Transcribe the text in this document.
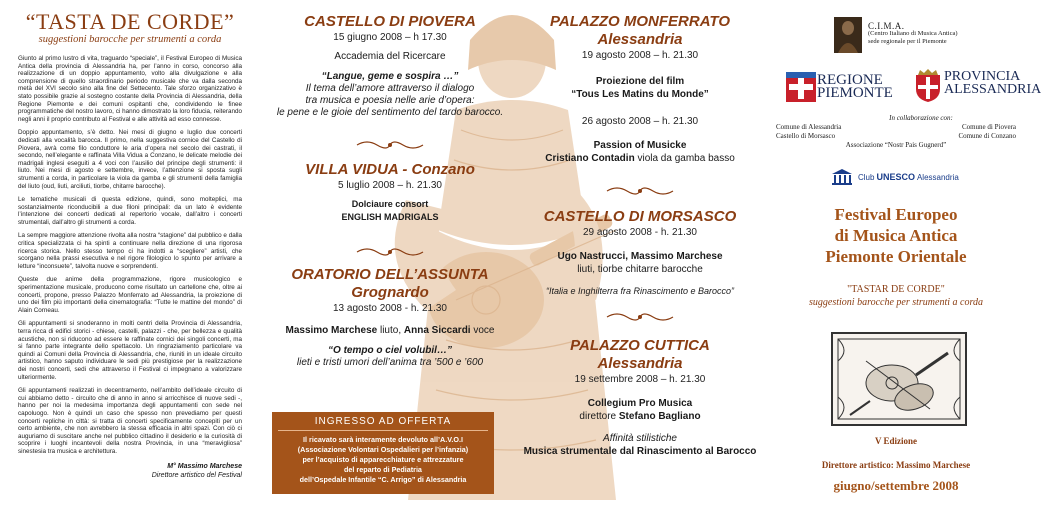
“TASTA DE CORDE”
suggestioni barocche per strumenti a corda

Giunto al primo lustro di vita, traguardo “speciale”, il Festival Europeo di Musica Antica della provincia di Alessandria ha, per l’anno in corso, concorso alla realizzazione di un doppio appuntamento, volto alla divulgazione e alla comprensione di quello straordinario periodo musicale che va dalla seconda metà del XVI secolo sino alla fine del Settecento. Tale sforzo organizzativo è stato possibile grazie al sostegno costante della Provincia di Alessandria, della Regione Piemonte e dei comuni ospitanti che, condividendo le finee programmatiche del nostro lavoro, ci hanno dimostrato la loro fiducia, reiterando negli anni il proprio contributo al Festival e alle attività ad esso connesse.

Doppio appuntamento, s’è detto. Nei mesi di giugno e luglio due concerti dedicati alla vocalità barocca. Il primo, nella suggestiva cornice del Castello di Piovera, avrà come filo conduttore le aria d’opera nel secolo dei castrati, il secondo, nell’elegante e raffinata Villa Vidua a Conzano, le delicate melodie dei madrigali inglesi eseguiti a 4 voci con l’ausilio del principe degli strumenti: il liuto. Nei mesi di agosto e settembre, invece, l’attenzione si sposta sugli strumenti a corda, in particolare la viola da gamba e gli strumenti della famiglia del liuto (oud, liuti, arciliuti, tiorbe, chitarre barocche).

Le tematiche musicali di questa edizione, quindi, sono molteplici, ma sostanzialmente riconducibili a due filoni principali: da un lato è evidente l’intenzione dei concerti dedicati al repertorio vocale, dall’altro i concerti strumentali, dall’altro gli strumenti a corda.

La sempre maggiore attenzione rivolta alla nostra “stagione” dal pubblico e dalla critica specializzata ci ha spinti a continuare nella direzione di una rigorosa ricerca storica. Nello stesso tempo ci ha indotti a “scegliere” artisti, che scorgano nella prassi esecutiva e nel rigore filologico lo spunto per arrivare a letture “inconsuete”, talvolta nuove e sorprendenti.

Queste due anime della programmazione, rigore musicologico e sperimentazione musicale, producono come risultato un cartellone che, oltre ai concerti, propone, presso Palazzo Monferrato ad Alessandria, la proiezione di uno dei film più importanti della cinematografia: “Tutte le mattine del mondo” di Alain Corneau.

Gli appuntamenti si snoderanno in molti centri della Provincia di Alessandria, terra ricca di edifici storici - chiese, castelli, palazzi - che, per bellezza e qualità acustiche, non si riducono ad essere le raffinate cornici dei singoli concerti, ma si fanno parte integrante dello spettacolo. Un ringraziamento particolare va quindi ai Comuni della Provincia di Alessandria, che, riuniti in un ideale circuito artistico, hanno saputo individuare le sedi più prestigiose per la realizzazione dei nostri concerti, sedi che attraverso il Festival ci impegnano a valorizzare ulteriormente.

Gli appuntamenti realizzati in decentramento, nell’ambito dell’ideale circuito di cui abbiamo detto - circuito che di anno in anno si arricchisce di nuove sedi -, hanno per noi la medesima importanza degli appuntamenti con sede nel capoluogo. Non è quindi un caso che spesso non prevediamo per questi concerti repliche in città: si tratta di concerti specificamente concepiti per un certo ambiente, che non avrebbero la stessa efficacia in altri spazi. Con ciò ci auguriamo di suscitare anche nel pubblico cittadino il desiderio e la curiosità di scoprire i luoghi incantevoli della nostra Provincia, in una “meravigliosa” sinestesia tra musica e architettura.

M° Massimo Marchese
Direttore artistico del Festival
CASTELLO DI PIOVERA
15 giugno 2008 – h 17.30
Accademia del Ricercare
“Langue, geme e sospira …”
Il tema dell’amore attraverso il dialogo
tra musica e poesia nelle arie d’opera:
le pene e le gioie del sentimento del tardo barocco.
VILLA VIDUA - Conzano
5 luglio 2008 – h. 21.30
Dolciaure consort
ENGLISH MADRIGALS
ORATORIO DELL’ASSUNTA
Grognardo
13 agosto 2008 - h. 21.30
Massimo Marchese liuto, Anna Siccardi voce
“O tempo o ciel volubil…”
lieti e tristi umori dell’anima tra ’500 e ’600
INGRESSO AD OFFERTA
Il ricavato sarà interamente devoluto all’A.V.O.I
(Associazione Volontari Ospedalieri per l’infanzia)
per l’acquisto di apparecchiature e attrezzature
del reparto di Pediatria
dell’Ospedale Infantile “C. Arrigo” di Alessandria
PALAZZO MONFERRATO
Alessandria
19 agosto 2008 – h. 21.30
Proiezione del film
“Tous Les Matins du Monde”
26 agosto 2008 – h. 21.30
Passion of Musicke
Cristiano Contadin viola da gamba basso
CASTELLO DI MORSASCO
29 agosto 2008 - h. 21.30
Ugo Nastrucci, Massimo Marchese
liuti, tiorbe chitarre barocche
“Italia e Inghilterra fra Rinascimento e Barocco”
PALAZZO CUTTICA
Alessandria
19 settembre 2008 – h. 21.30
Collegium Pro Musica
direttore Stefano Bagliano
Affinità stilistiche
Musica strumentale dal Rinascimento al Barocco
C.I.M.A.
(Centro Italiano di Musica Antica)
sede regionale per il Piemonte
REGIONE
PIEMONTE
PROVINCIA
ALESSANDRIA
In collaborazione con:
Comune di Alessandria	Comune di Piovera
Castello di Morsasco	Comune di Conzano
Associazione “Nostr Pais Gugnerd”
Club UNESCO Alessandria
Festival Europeo
di Musica Antica
Piemonte Orientale
"TASTAR DE CORDE"
suggestioni barocche per strumenti a corda
V Edizione
Direttore artistico: Massimo Marchese
giugno/settembre 2008
